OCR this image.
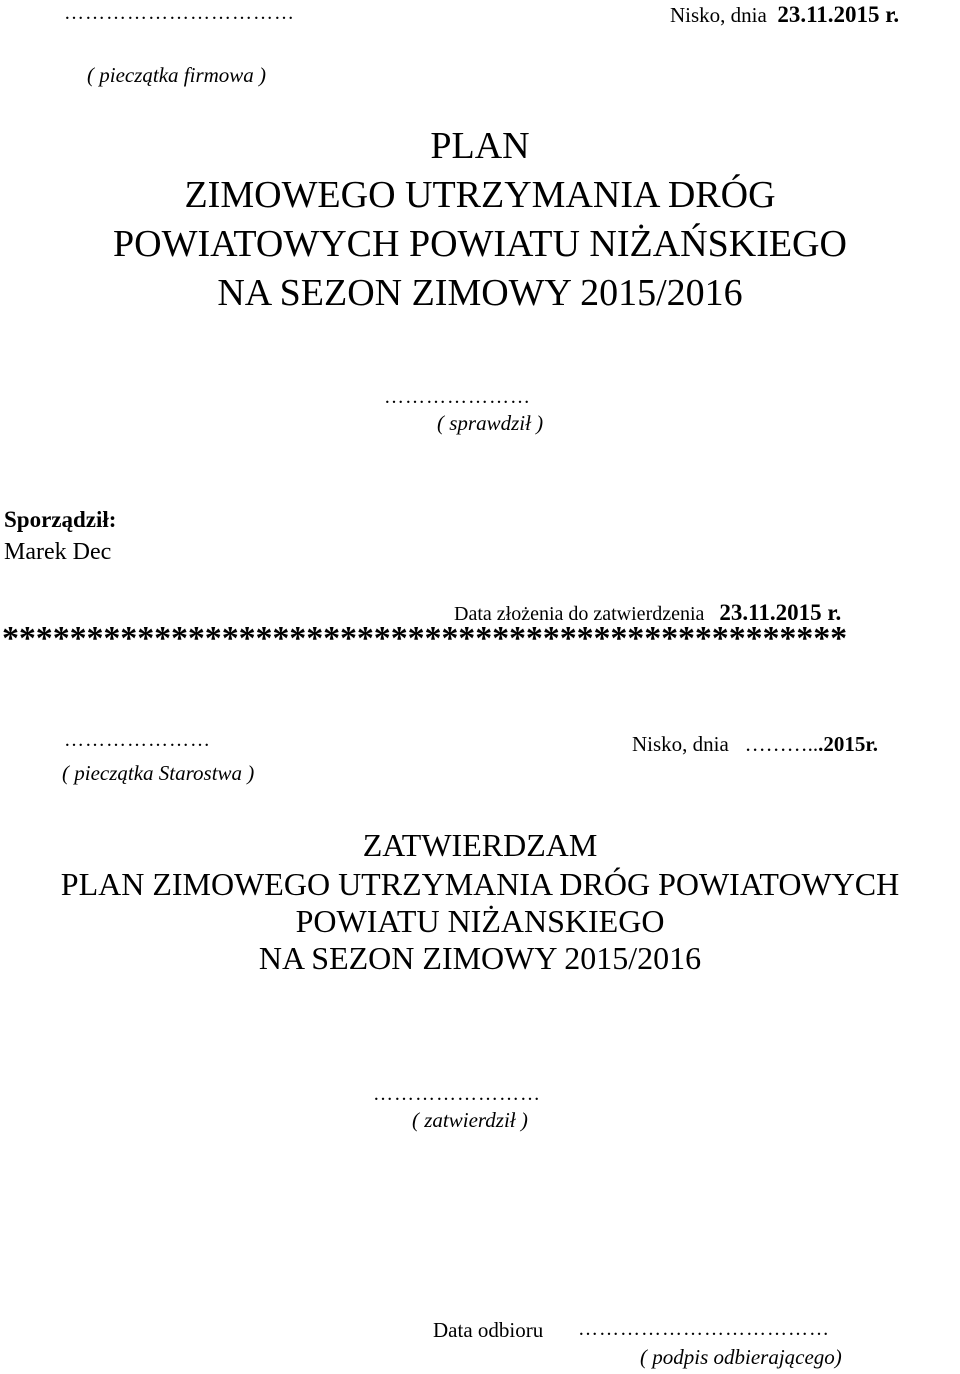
……………………………	Nisko, dnia 23.11.2015 r.
( pieczątka firmowa )
PLAN
ZIMOWEGO UTRZYMANIA DRÓG
POWIATOWYCH POWIATU NIŻAŃSKIEGO
NA SEZON ZIMOWY 2015/2016
…………………
( sprawdził )
Sporządził:
Marek Dec
Data złożenia do zatwierdzenia 23.11.2015 r.
**************************************************
…………………	Nisko, dnia ………...2015r.
( pieczątka Starostwa )
ZATWIERDZAM
PLAN ZIMOWEGO UTRZYMANIA DRÓG POWIATOWYCH
POWIATU NIŻANSKIEGO
NA SEZON ZIMOWY 2015/2016
……………………
( zatwierdził )
Data odbioru ………………………………
( podpis odbierającego)
